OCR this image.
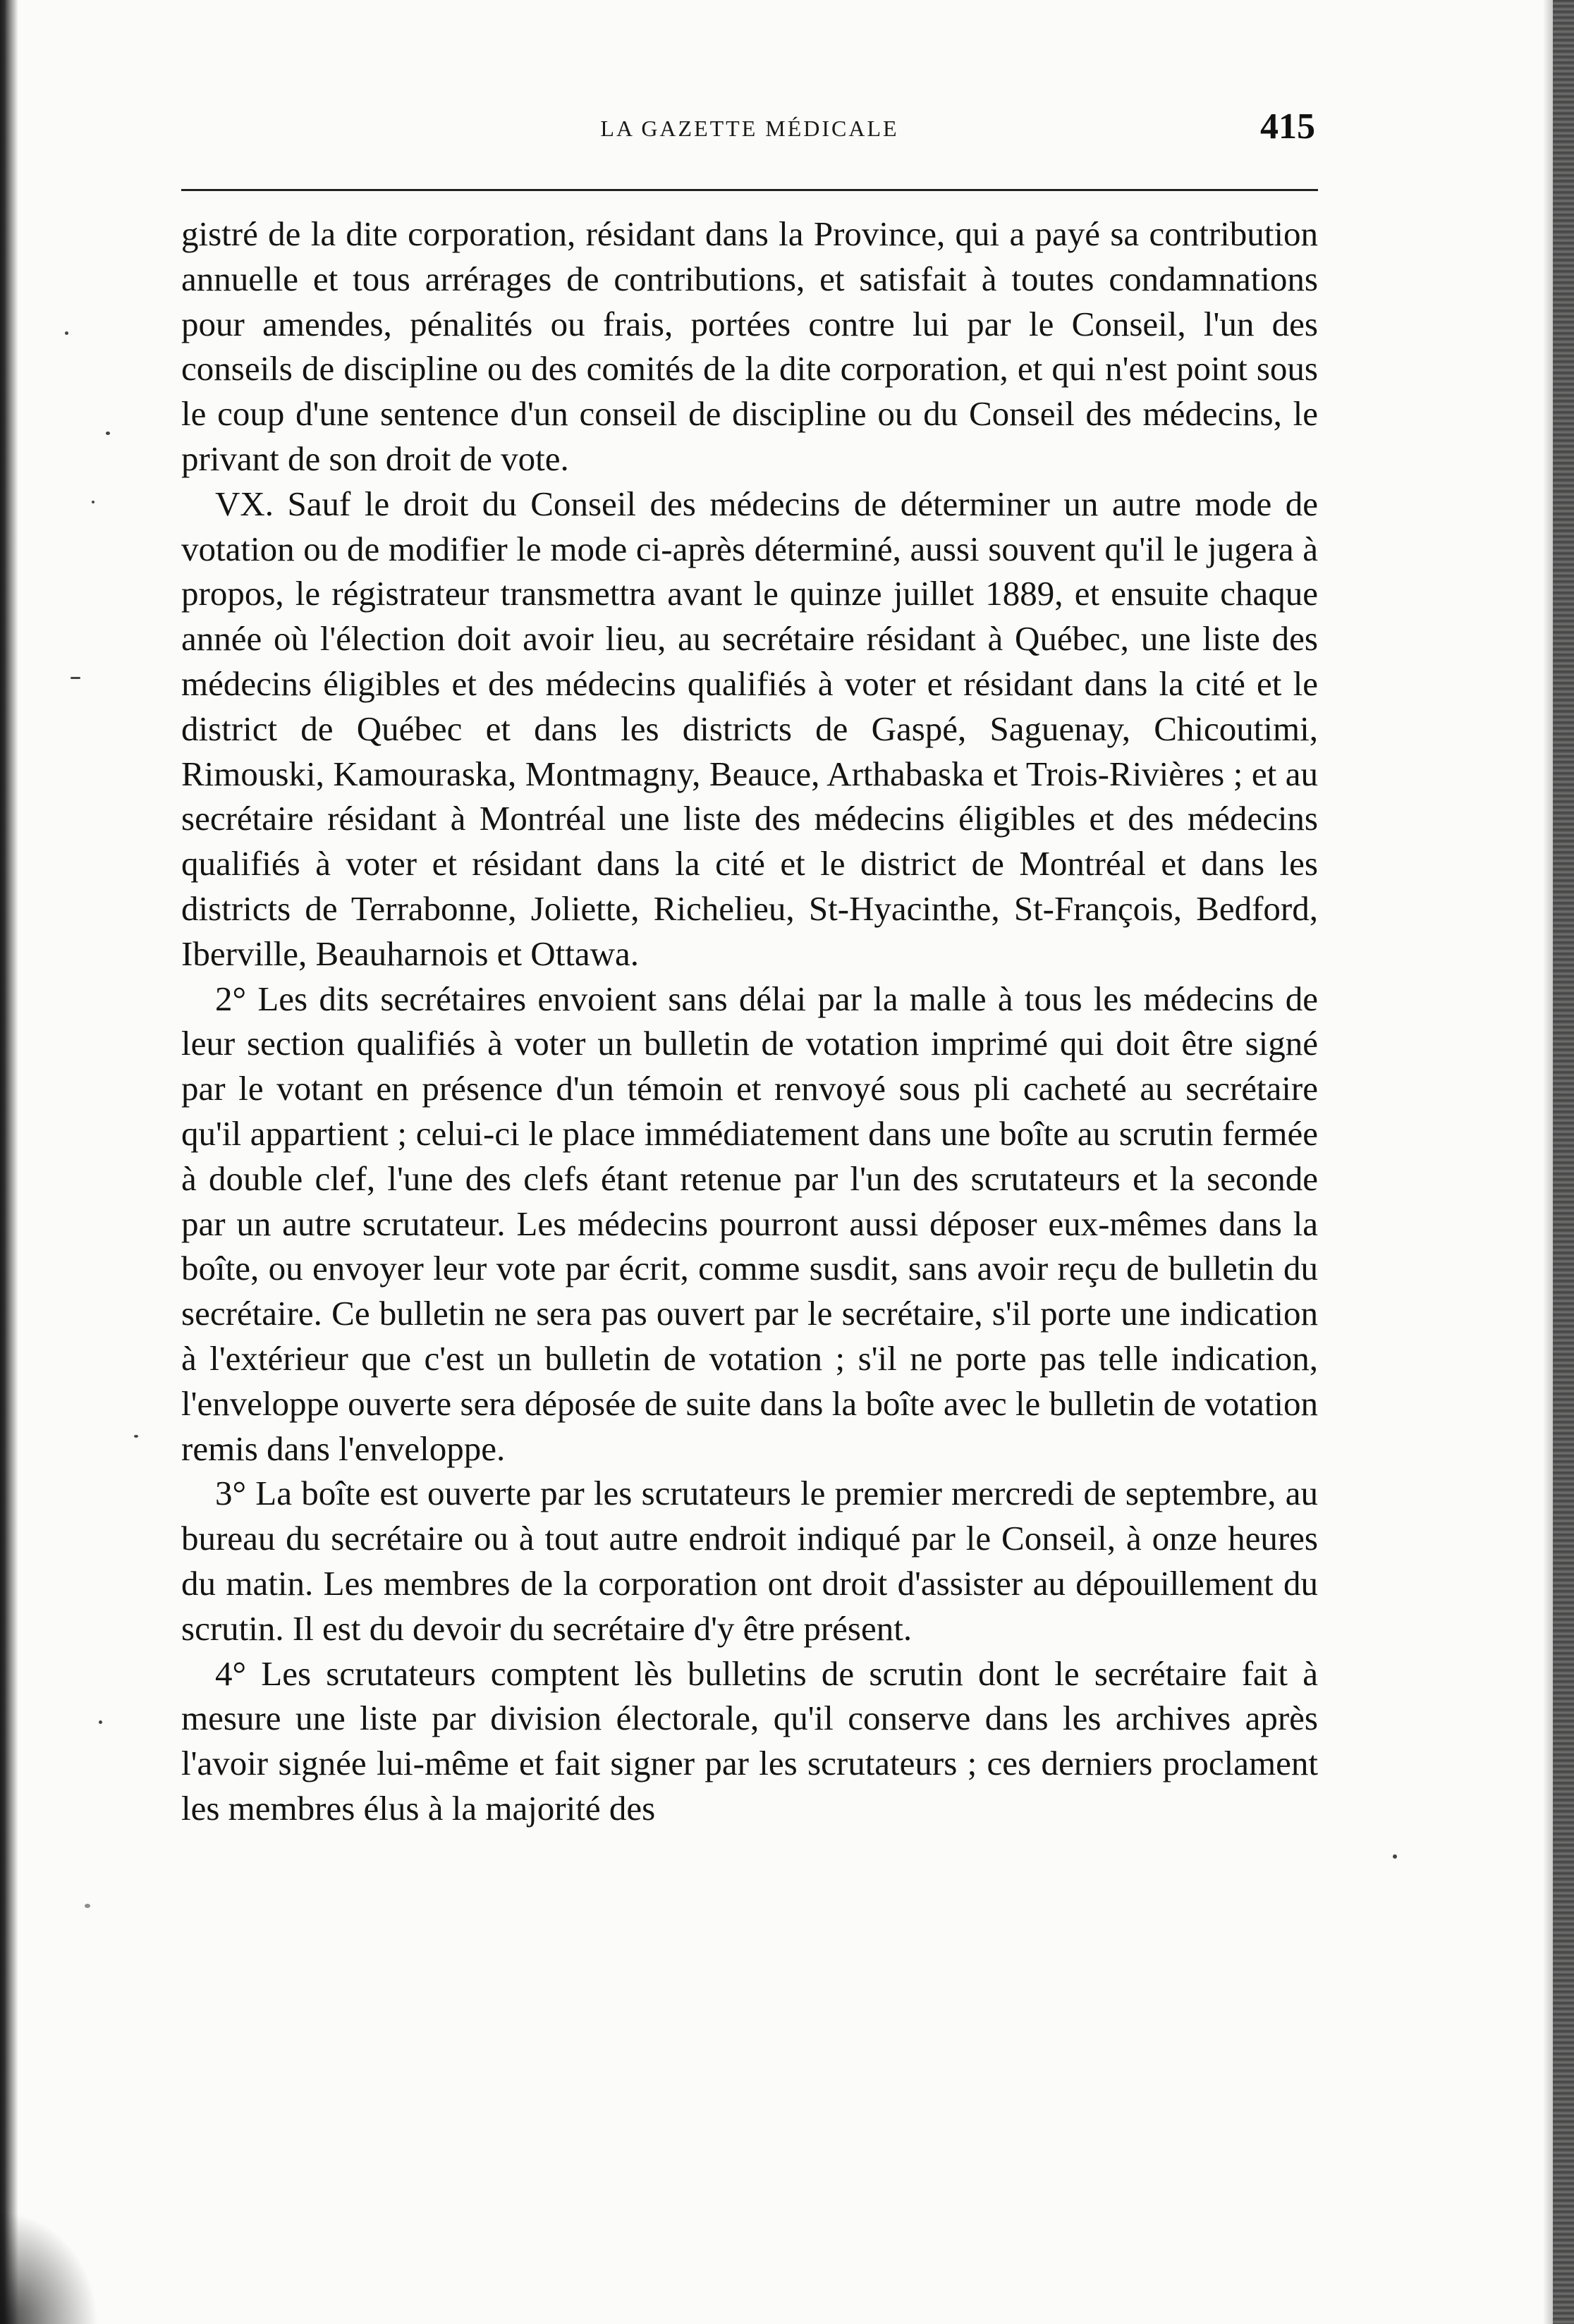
LA GAZETTE MÉDICALE	415

gistré de la dite corporation, résidant dans la Province, qui a payé sa contribution annuelle et tous arrérages de contributions, et satisfait à toutes condamnations pour amendes, pénalités ou frais, portées contre lui par le Conseil, l'un des conseils de discipline ou des comités de la dite corporation, et qui n'est point sous le coup d'une sentence d'un conseil de discipline ou du Conseil des médecins, le privant de son droit de vote.

VX. Sauf le droit du Conseil des médecins de déterminer un autre mode de votation ou de modifier le mode ci-après déterminé, aussi souvent qu'il le jugera à propos, le régistrateur transmettra avant le quinze juillet 1889, et ensuite chaque année où l'élection doit avoir lieu, au secrétaire résidant à Québec, une liste des médecins éligibles et des médecins qualifiés à voter et résidant dans la cité et le district de Québec et dans les districts de Gaspé, Saguenay, Chicoutimi, Rimouski, Kamouraska, Montmagny, Beauce, Arthabaska et Trois-Rivières ; et au secrétaire résidant à Montréal une liste des médecins éligibles et des médecins qualifiés à voter et résidant dans la cité et le district de Montréal et dans les districts de Terrabonne, Joliette, Richelieu, St-Hyacinthe, St-François, Bedford, Iberville, Beauharnois et Ottawa.

2° Les dits secrétaires envoient sans délai par la malle à tous les médecins de leur section qualifiés à voter un bulletin de votation imprimé qui doit être signé par le votant en présence d'un témoin et renvoyé sous pli cacheté au secrétaire qu'il appartient ; celui-ci le place immédiatement dans une boîte au scrutin fermée à double clef, l'une des clefs étant retenue par l'un des scrutateurs et la seconde par un autre scrutateur. Les médecins pourront aussi déposer eux-mêmes dans la boîte, ou envoyer leur vote par écrit, comme susdit, sans avoir reçu de bulletin du secrétaire. Ce bulletin ne sera pas ouvert par le secrétaire, s'il porte une indication à l'extérieur que c'est un bulletin de votation ; s'il ne porte pas telle indication, l'enveloppe ouverte sera déposée de suite dans la boîte avec le bulletin de votation remis dans l'enveloppe.

3° La boîte est ouverte par les scrutateurs le premier mercredi de septembre, au bureau du secrétaire ou à tout autre endroit indiqué par le Conseil, à onze heures du matin. Les membres de la corporation ont droit d'assister au dépouillement du scrutin. Il est du devoir du secrétaire d'y être présent.

4° Les scrutateurs comptent lès bulletins de scrutin dont le secrétaire fait à mesure une liste par division électorale, qu'il conserve dans les archives après l'avoir signée lui-même et fait signer par les scrutateurs ; ces derniers proclament les membres élus à la majorité des
